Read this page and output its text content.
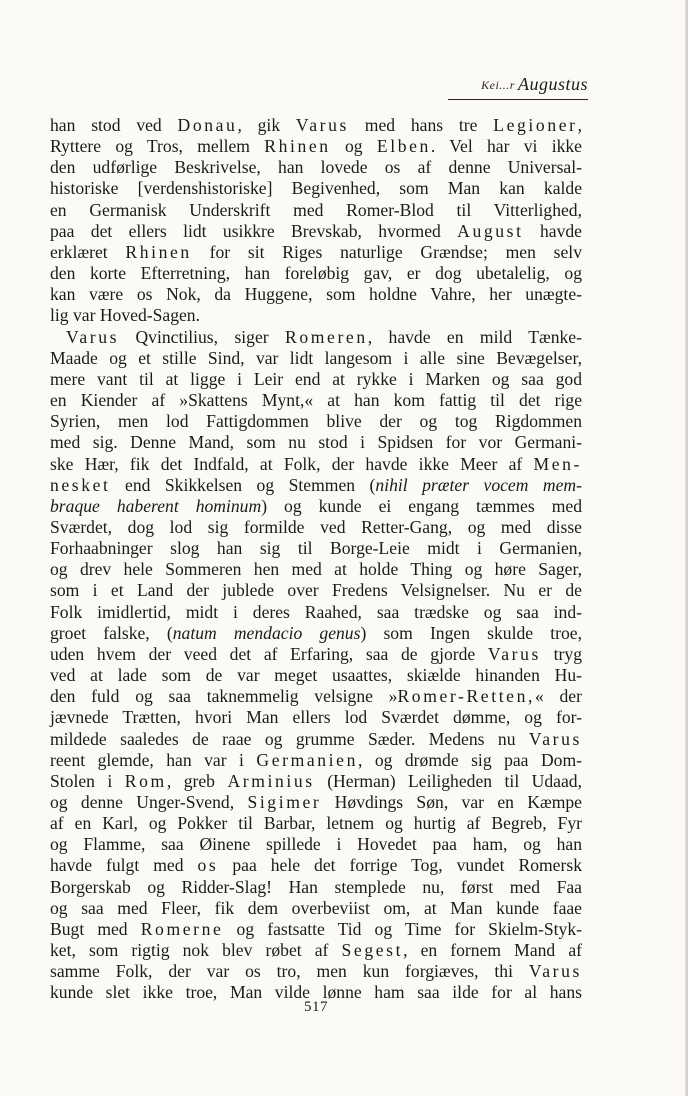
Kei...r Augustus
han stod ved Donau, gik Varus med hans tre Legioner,
Ryttere og Tros, mellem Rhinen og Elben. Vel har vi ikke
den udførlige Beskrivelse, han lovede os af denne Universal-
historiske [verdenshistoriske] Begivenhed, som Man kan kalde
en Germanisk Underskrift med Romer-Blod til Vitterlighed,
paa det ellers lidt usikkre Brevskab, hvormed August havde
erklæret Rhinen for sit Riges naturlige Grændse; men selv
den korte Efterretning, han foreløbig gav, er dog ubetalelig, og
kan være os Nok, da Huggene, som holdne Vahre, her unægte-
lig var Hoved-Sagen.
Varus Qvinctilius, siger Romeren, havde en mild Tænke-
Maade og et stille Sind, var lidt langesom i alle sine Bevægelser,
mere vant til at ligge i Leir end at rykke i Marken og saa god
en Kiender af »Skattens Mynt,« at han kom fattig til det rige
Syrien, men lod Fattigdommen blive der og tog Rigdommen
med sig. Denne Mand, som nu stod i Spidsen for vor Germani-
ske Hær, fik det Indfald, at Folk, der havde ikke Meer af Men-
nesket end Skikkelsen og Stemmen (nihil præter vocem mem-
braque haberent hominum) og kunde ei engang tæmmes med
Sværdet, dog lod sig formilde ved Retter-Gang, og med disse
Forhaabninger slog han sig til Borge-Leie midt i Germanien,
og drev hele Sommeren hen med at holde Thing og høre Sager,
som i et Land der jublede over Fredens Velsignelser. Nu er de
Folk imidlertid, midt i deres Raahed, saa trædske og saa ind-
groet falske, (natum mendacio genus) som Ingen skulde troe,
uden hvem der veed det af Erfaring, saa de gjorde Varus tryg
ved at lade som de var meget usaattes, skiælde hinanden Hu-
den fuld og saa taknemmelig velsigne »Romer-Retten,« der
jævnede Trætten, hvori Man ellers lod Sværdet dømme, og for-
mildede saaledes de raae og grumme Sæder. Medens nu Varus
reent glemde, han var i Germanien, og drømde sig paa Dom-
Stolen i Rom, greb Arminius (Herman) Leiligheden til Udaad,
og denne Unger-Svend, Sigimer Høvdings Søn, var en Kæmpe
af en Karl, og Pokker til Barbar, letnem og hurtig af Begreb, Fyr
og Flamme, saa Øinene spillede i Hovedet paa ham, og han
havde fulgt med os paa hele det forrige Tog, vundet Romersk
Borgerskab og Ridder-Slag! Han stemplede nu, først med Faa
og saa med Fleer, fik dem overbeviist om, at Man kunde faae
Bugt med Romerne og fastsatte Tid og Time for Skielm-Styk-
ket, som rigtig nok blev røbet af Segest, en fornem Mand af
samme Folk, der var os tro, men kun forgiæves, thi Varus
kunde slet ikke troe, Man vilde lønne ham saa ilde for al hans
517
